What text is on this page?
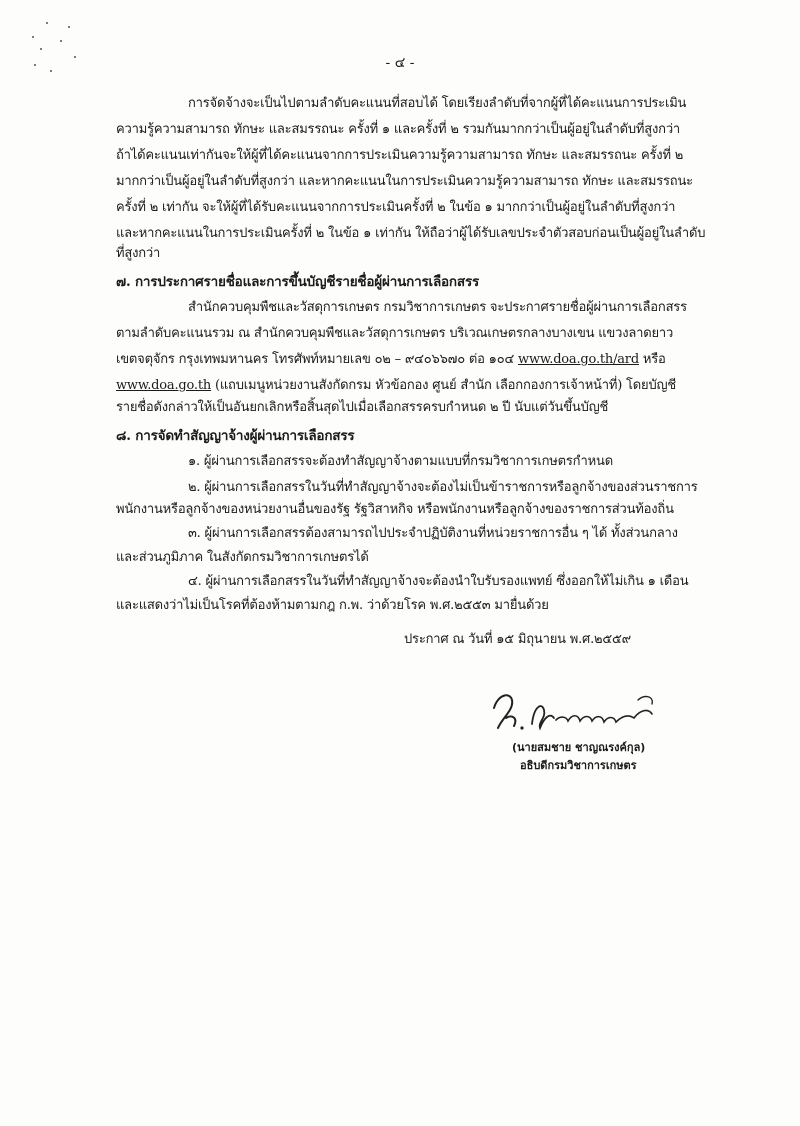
- ๔ -
การจัดจ้างจะเป็นไปตามลำดับคะแนนที่สอบได้ โดยเรียงลำดับที่จากผู้ที่ได้คะแนนการประเมิน
ความรู้ความสามารถ ทักษะ และสมรรถนะ ครั้งที่ ๑ และครั้งที่ ๒ รวมกันมากกว่าเป็นผู้อยู่ในลำดับที่สูงกว่า
ถ้าได้คะแนนเท่ากันจะให้ผู้ที่ได้คะแนนจากการประเมินความรู้ความสามารถ ทักษะ และสมรรถนะ ครั้งที่ ๒
มากกว่าเป็นผู้อยู่ในลำดับที่สูงกว่า และหากคะแนนในการประเมินความรู้ความสามารถ ทักษะ และสมรรถนะ
ครั้งที่ ๒ เท่ากัน จะให้ผู้ที่ได้รับคะแนนจากการประเมินครั้งที่ ๒ ในข้อ ๑ มากกว่าเป็นผู้อยู่ในลำดับที่สูงกว่า
และหากคะแนนในการประเมินครั้งที่ ๒ ในข้อ ๑ เท่ากัน ให้ถือว่าผู้ได้รับเลขประจำตัวสอบก่อนเป็นผู้อยู่ในลำดับ
ที่สูงกว่า
๗. การประกาศรายชื่อและการขึ้นบัญชีรายชื่อผู้ผ่านการเลือกสรร
สำนักควบคุมพืชและวัสดุการเกษตร กรมวิชาการเกษตร จะประกาศรายชื่อผู้ผ่านการเลือกสรร
ตามลำดับคะแนนรวม ณ สำนักควบคุมพืชและวัสดุการเกษตร บริเวณเกษตรกลางบางเขน แขวงลาดยาว
เขตจตุจักร กรุงเทพมหานคร โทรศัพท์หมายเลข ๐๒ – ๙๔๐๖๖๗๐ ต่อ ๑๐๔ www.doa.go.th/ard หรือ
www.doa.go.th (แถบเมนูหน่วยงานสังกัดกรม หัวข้อกอง ศูนย์ สำนัก เลือกกองการเจ้าหน้าที่) โดยบัญชี
รายชื่อดังกล่าวให้เป็นอันยกเลิกหรือสิ้นสุดไปเมื่อเลือกสรรครบกำหนด ๒ ปี นับแต่วันขึ้นบัญชี
๘. การจัดทำสัญญาจ้างผู้ผ่านการเลือกสรร
๑. ผู้ผ่านการเลือกสรรจะต้องทำสัญญาจ้างตามแบบที่กรมวิชาการเกษตรกำหนด
๒. ผู้ผ่านการเลือกสรรในวันที่ทำสัญญาจ้างจะต้องไม่เป็นข้าราชการหรือลูกจ้างของส่วนราชการ
พนักงานหรือลูกจ้างของหน่วยงานอื่นของรัฐ รัฐวิสาหกิจ หรือพนักงานหรือลูกจ้างของราชการส่วนท้องถิ่น
๓. ผู้ผ่านการเลือกสรรต้องสามารถไปประจำปฏิบัติงานที่หน่วยราชการอื่น ๆ ได้ ทั้งส่วนกลาง
และส่วนภูมิภาค ในสังกัดกรมวิชาการเกษตรได้
๔. ผู้ผ่านการเลือกสรรในวันที่ทำสัญญาจ้างจะต้องนำใบรับรองแพทย์ ซึ่งออกให้ไม่เกิน ๑ เดือน
และแสดงว่าไม่เป็นโรคที่ต้องห้ามตามกฎ ก.พ. ว่าด้วยโรค พ.ศ.๒๕๕๓ มายื่นด้วย
ประกาศ ณ วันที่ ๑๕ มิถุนายน พ.ศ.๒๕๕๙
(นายสมชาย ชาญณรงค์กุล)
อธิบดีกรมวิชาการเกษตร
